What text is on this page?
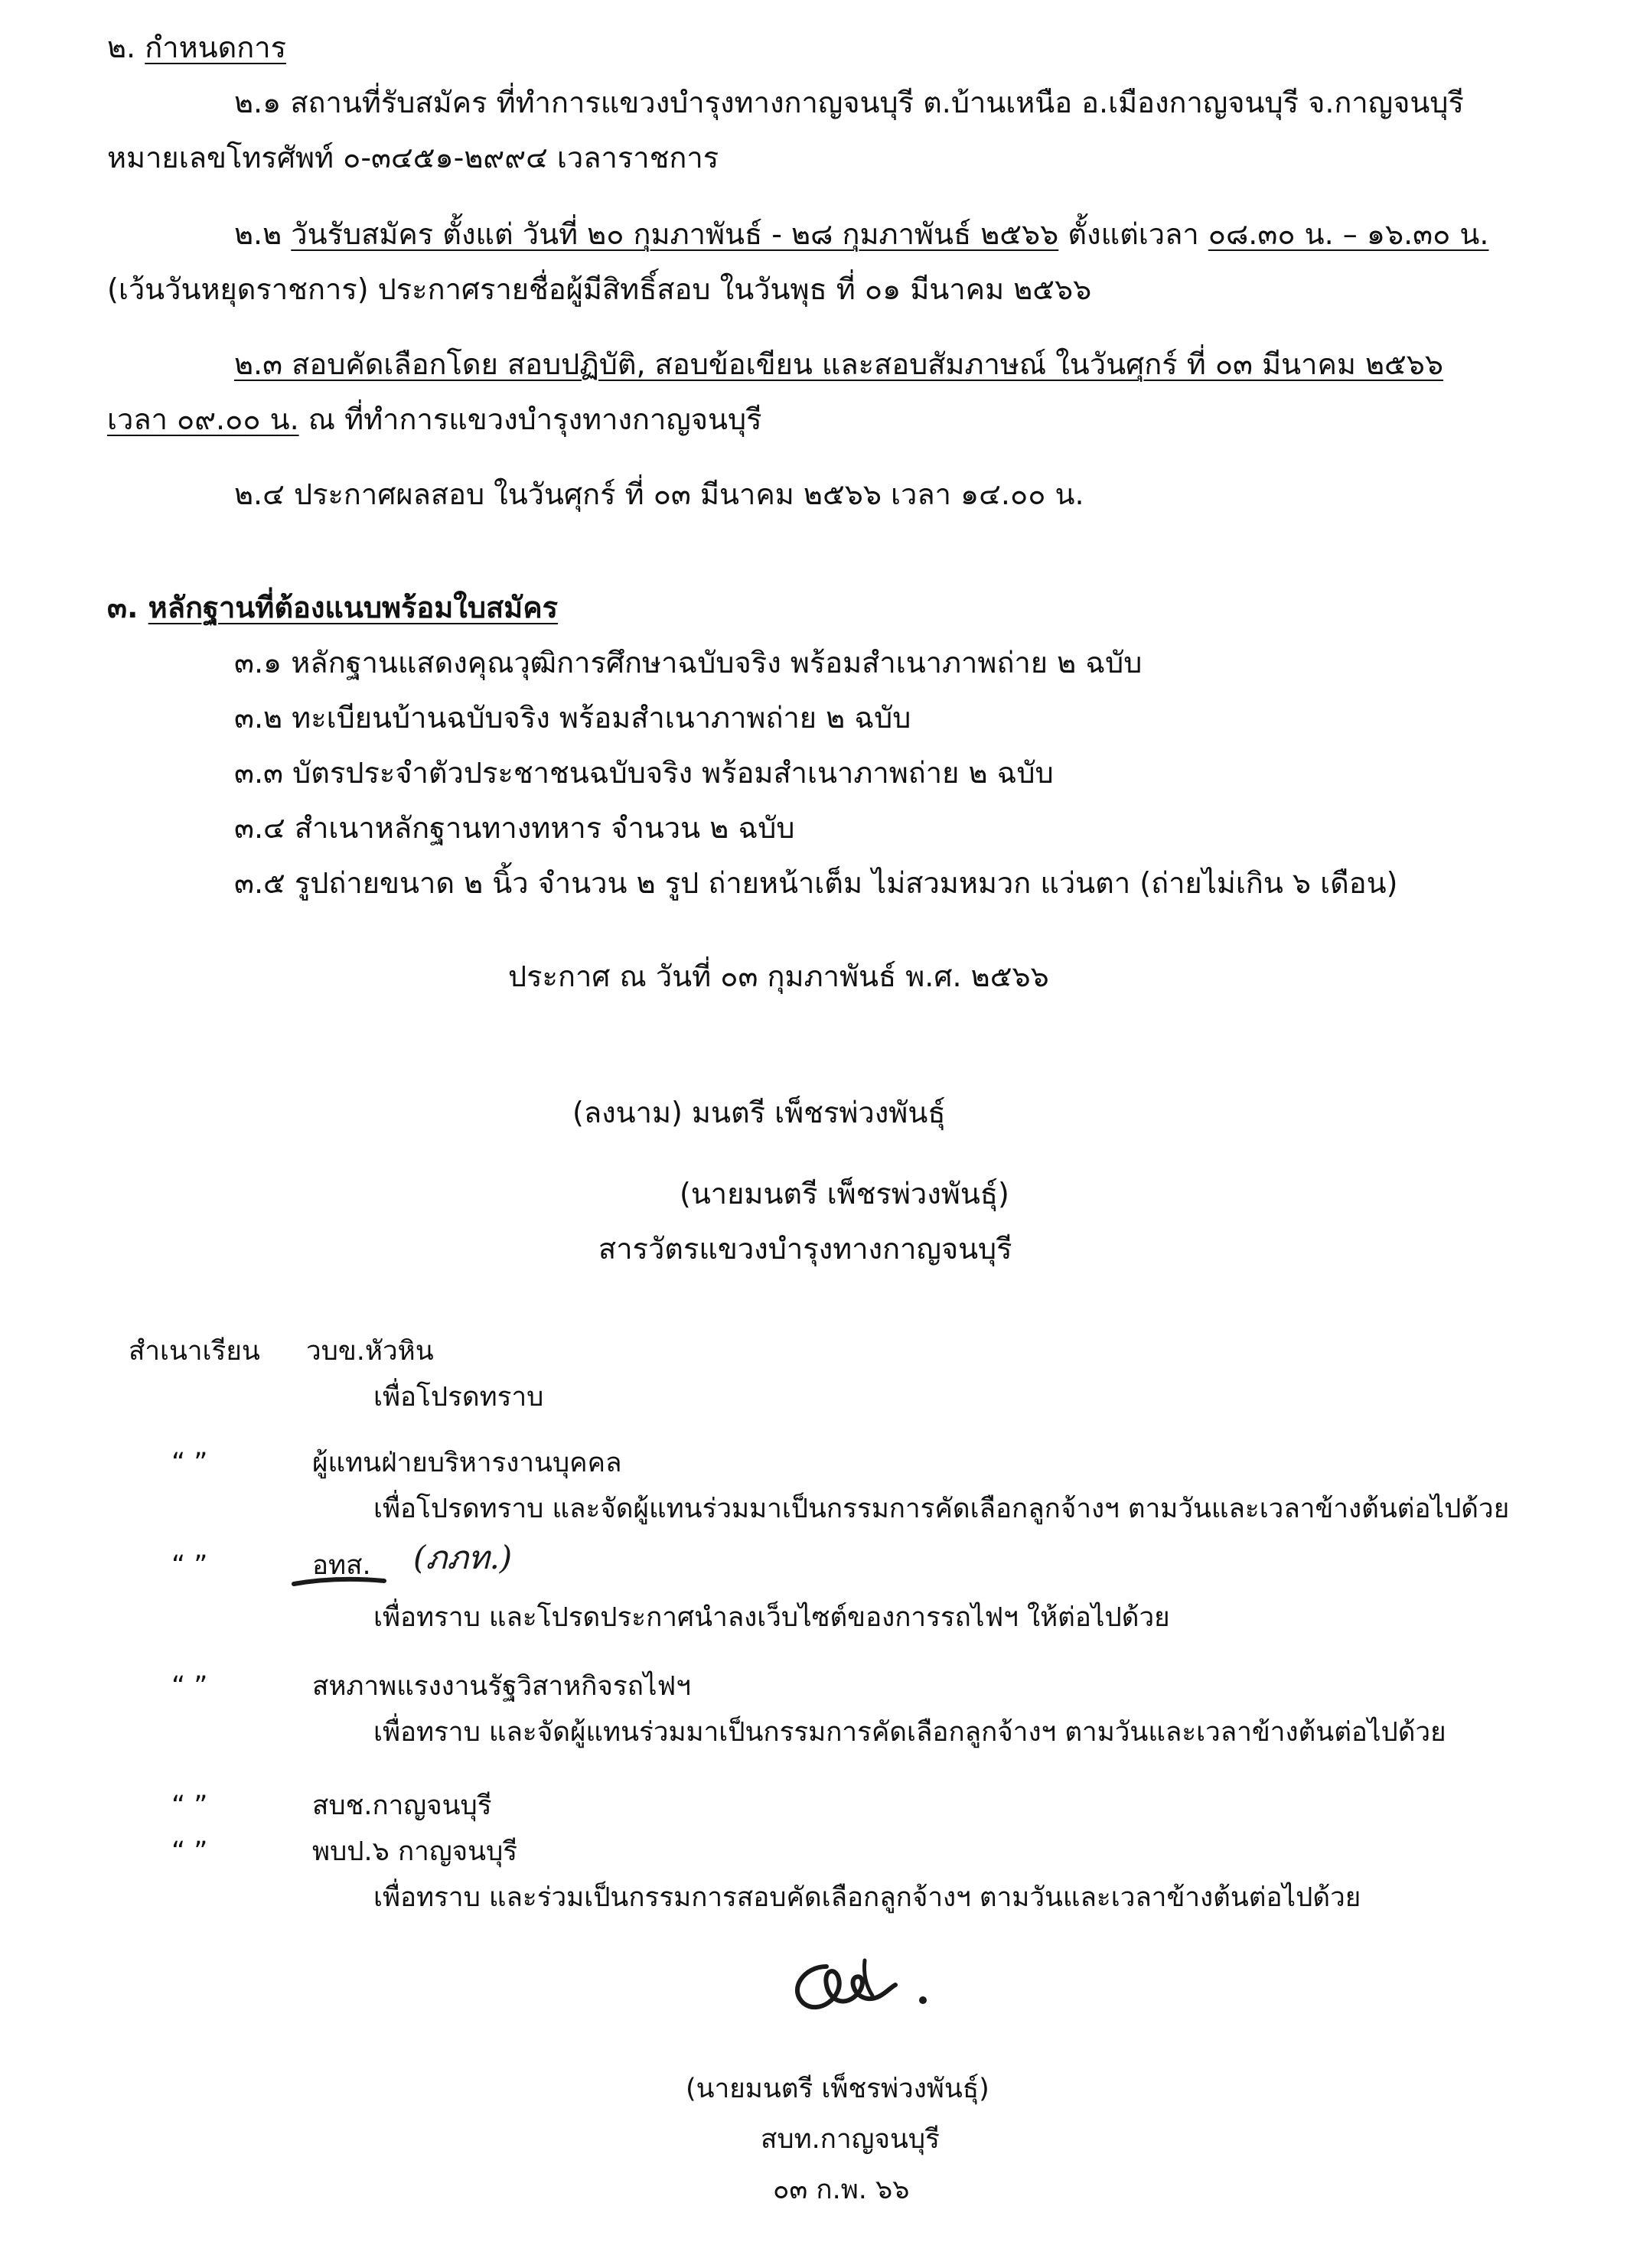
๒. กำหนดการ
๒.๑ สถานที่รับสมัคร ที่ทำการแขวงบำรุงทางกาญจนบุรี ต.บ้านเหนือ อ.เมืองกาญจนบุรี จ.กาญจนบุรี
หมายเลขโทรศัพท์ ๐-๓๔๕๑-๒๙๙๔ เวลาราชการ
๒.๒ วันรับสมัคร ตั้งแต่ วันที่ ๒๐ กุมภาพันธ์ - ๒๘ กุมภาพันธ์ ๒๕๖๖ ตั้งแต่เวลา ๐๘.๓๐ น. – ๑๖.๓๐ น.
(เว้นวันหยุดราชการ) ประกาศรายชื่อผู้มีสิทธิ์สอบ ในวันพุธ ที่ ๐๑ มีนาคม ๒๕๖๖
๒.๓ สอบคัดเลือกโดย สอบปฏิบัติ, สอบข้อเขียน และสอบสัมภาษณ์ ในวันศุกร์ ที่ ๐๓ มีนาคม ๒๕๖๖
เวลา ๐๙.๐๐ น. ณ ที่ทำการแขวงบำรุงทางกาญจนบุรี
๒.๔ ประกาศผลสอบ ในวันศุกร์ ที่ ๐๓ มีนาคม ๒๕๖๖ เวลา ๑๔.๐๐ น.
๓. หลักฐานที่ต้องแนบพร้อมใบสมัคร
๓.๑ หลักฐานแสดงคุณวุฒิการศึกษาฉบับจริง พร้อมสำเนาภาพถ่าย ๒ ฉบับ
๓.๒ ทะเบียนบ้านฉบับจริง พร้อมสำเนาภาพถ่าย ๒ ฉบับ
๓.๓ บัตรประจำตัวประชาชนฉบับจริง พร้อมสำเนาภาพถ่าย ๒ ฉบับ
๓.๔ สำเนาหลักฐานทางทหาร จำนวน ๒ ฉบับ
๓.๕ รูปถ่ายขนาด ๒ นิ้ว จำนวน ๒ รูป ถ่ายหน้าเต็ม ไม่สวมหมวก แว่นตา (ถ่ายไม่เกิน ๖ เดือน)
ประกาศ ณ วันที่ ๐๓ กุมภาพันธ์ พ.ศ. ๒๕๖๖
(ลงนาม) มนตรี เพ็ชรพ่วงพันธุ์
(นายมนตรี เพ็ชรพ่วงพันธุ์)
สารวัตรแขวงบำรุงทางกาญจนบุรี
สำเนาเรียน วบข.หัวหิน
เพื่อโปรดทราบ
“ ”	ผู้แทนฝ่ายบริหารงานบุคคล
เพื่อโปรดทราบ และจัดผู้แทนร่วมมาเป็นกรรมการคัดเลือกลูกจ้างฯ ตามวันและเวลาข้างต้นต่อไปด้วย
“ ”	อทส. (ภภท.)
เพื่อทราบ และโปรดประกาศนำลงเว็บไซต์ของการรถไฟฯ ให้ต่อไปด้วย
“ ”	สหภาพแรงงานรัฐวิสาหกิจรถไฟฯ
เพื่อทราบ และจัดผู้แทนร่วมมาเป็นกรรมการคัดเลือกลูกจ้างฯ ตามวันและเวลาข้างต้นต่อไปด้วย
“ ”	สบช.กาญจนบุรี
“ ”	พบป.๖ กาญจนบุรี
เพื่อทราบ และร่วมเป็นกรรมการสอบคัดเลือกลูกจ้างฯ ตามวันและเวลาข้างต้นต่อไปด้วย
(นายมนตรี เพ็ชรพ่วงพันธุ์)
สบท.กาญจนบุรี
๐๓ ก.พ. ๖๖
